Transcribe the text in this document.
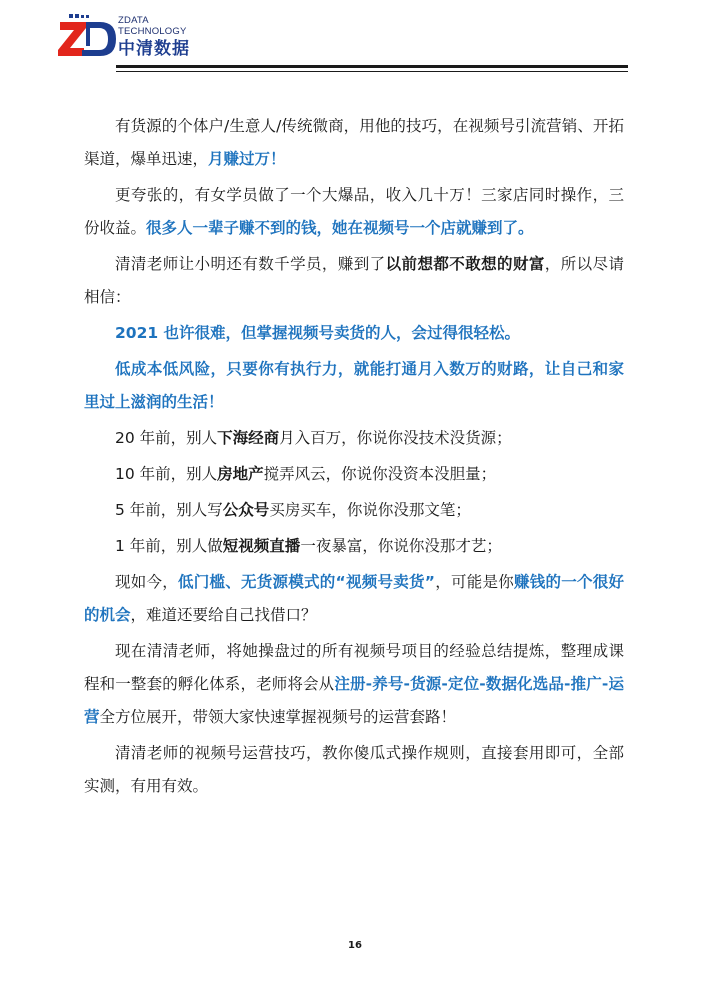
ZDATA
TECHNOLOGY
中清数据

有货源的个体户/生意人/传统微商，用他的技巧，在视频号引流营销、开拓渠道，爆单迅速，月赚过万！

更夸张的，有女学员做了一个大爆品，收入几十万！三家店同时操作，三份收益。很多人一辈子赚不到的钱，她在视频号一个店就赚到了。

清清老师让小明还有数千学员，赚到了以前想都不敢想的财富，所以尽请相信：

2021 也许很难，但掌握视频号卖货的人，会过得很轻松。

低成本低风险，只要你有执行力，就能打通月入数万的财路，让自己和家里过上滋润的生活！

20 年前，别人下海经商月入百万，你说你没技术没货源；

10 年前，别人房地产搅弄风云，你说你没资本没胆量；

5 年前，别人写公众号买房买车，你说你没那文笔；

1 年前，别人做短视频直播一夜暴富，你说你没那才艺；

现如今，低门槛、无货源模式的“视频号卖货”，可能是你赚钱的一个很好的机会，难道还要给自己找借口？

现在清清老师，将她操盘过的所有视频号项目的经验总结提炼，整理成课程和一整套的孵化体系，老师将会从注册-养号-货源-定位-数据化选品-推广-运营全方位展开，带领大家快速掌握视频号的运营套路！

清清老师的视频号运营技巧，教你傻瓜式操作规则，直接套用即可，全部实测，有用有效。

16
